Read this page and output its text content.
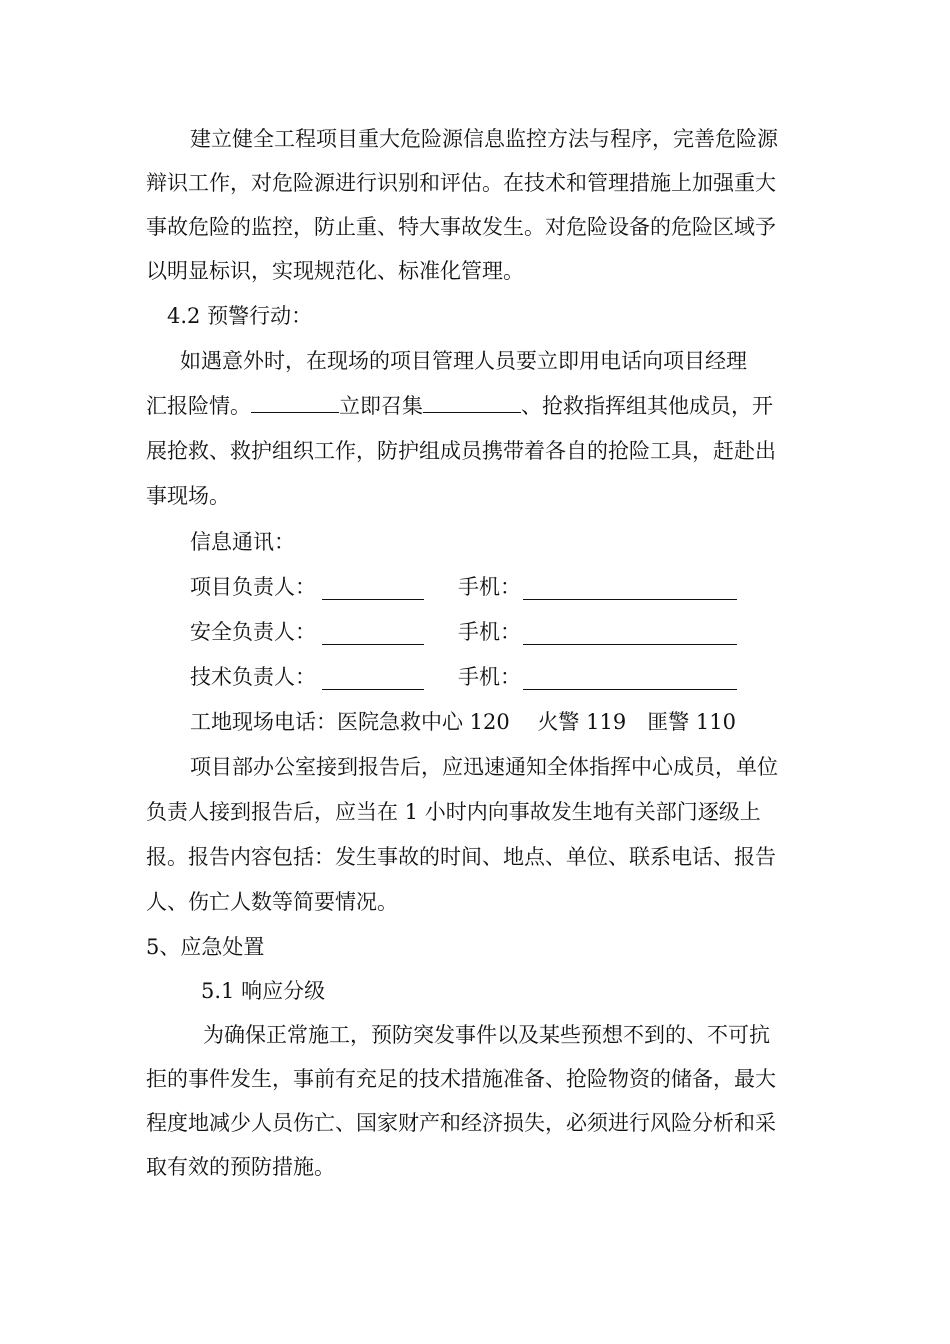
建立健全工程项目重大危险源信息监控方法与程序，完善危险源
辩识工作，对危险源进行识别和评估。在技术和管理措施上加强重大
事故危险的监控，防止重、特大事故发生。对危险设备的危险区域予
以明显标识，实现规范化、标准化管理。
4.2 预警行动：
如遇意外时，在现场的项目管理人员要立即用电话向项目经理
汇报险情。	立即召集	、抢救指挥组其他成员，开
展抢救、救护组织工作，防护组成员携带着各自的抢险工具，赶赴出
事现场。
信息通讯：
项目负责人：	手机：
安全负责人：	手机：
技术负责人：	手机：
工地现场电话：医院急救中心 120　 火警 119　匪警 110
项目部办公室接到报告后，应迅速通知全体指挥中心成员，单位
负责人接到报告后，应当在 1 小时内向事故发生地有关部门逐级上
报。报告内容包括：发生事故的时间、地点、单位、联系电话、报告
人、伤亡人数等简要情况。
5、应急处置
5.1 响应分级
为确保正常施工，预防突发事件以及某些预想不到的、不可抗
拒的事件发生，事前有充足的技术措施准备、抢险物资的储备，最大
程度地减少人员伤亡、国家财产和经济损失，必须进行风险分析和采
取有效的预防措施。
